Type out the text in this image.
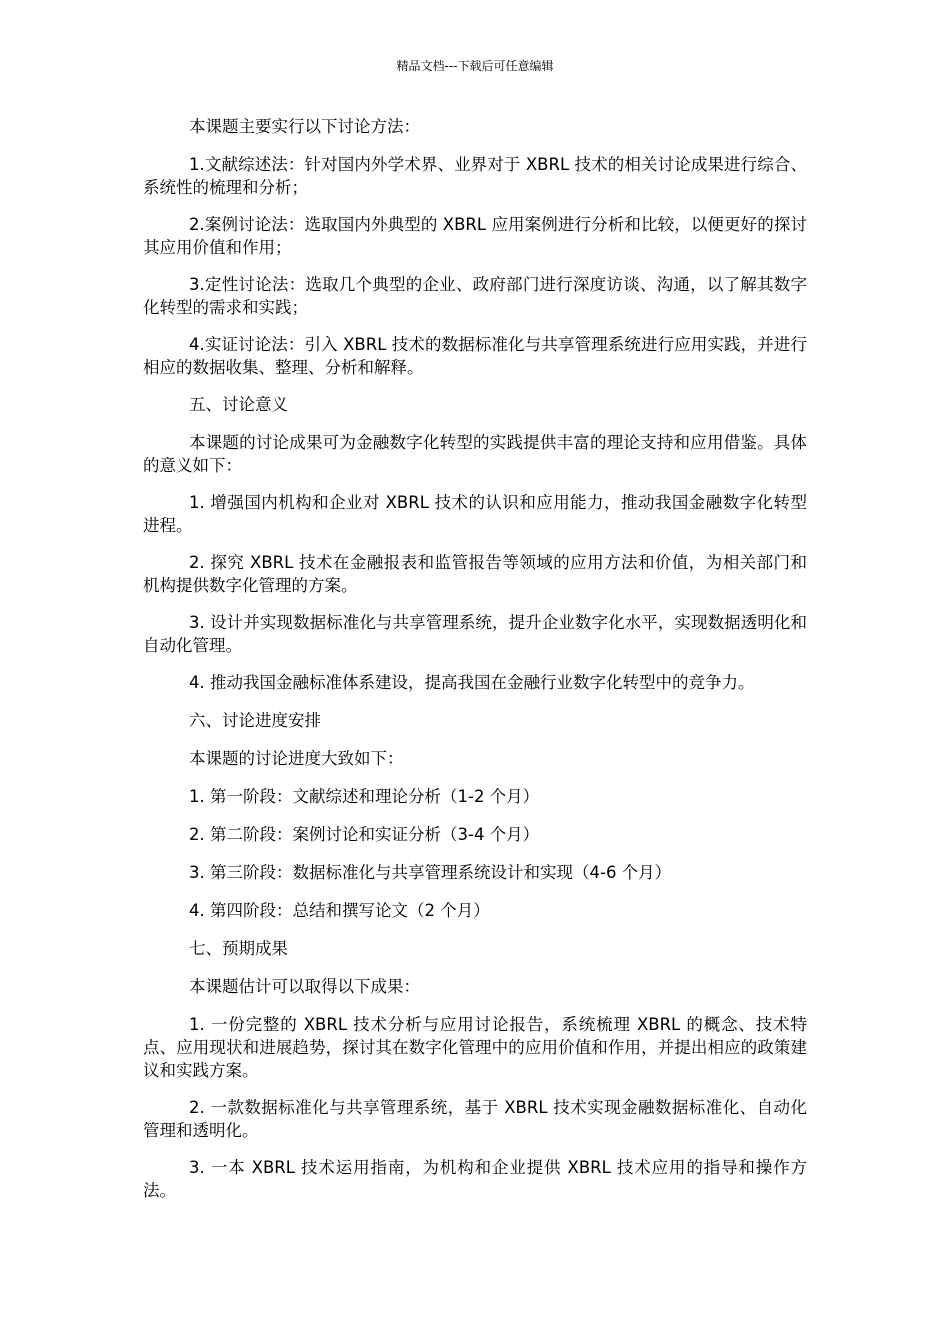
精品文档---下载后可任意编辑

本课题主要实行以下讨论方法：

1.文献综述法：针对国内外学术界、业界对于 XBRL 技术的相关讨论成果进行综合、系统性的梳理和分析；

2.案例讨论法：选取国内外典型的 XBRL 应用案例进行分析和比较，以便更好的探讨其应用价值和作用；

3.定性讨论法：选取几个典型的企业、政府部门进行深度访谈、沟通，以了解其数字化转型的需求和实践；

4.实证讨论法：引入 XBRL 技术的数据标准化与共享管理系统进行应用实践，并进行相应的数据收集、整理、分析和解释。

五、讨论意义

本课题的讨论成果可为金融数字化转型的实践提供丰富的理论支持和应用借鉴。具体的意义如下：

1. 增强国内机构和企业对 XBRL 技术的认识和应用能力，推动我国金融数字化转型进程。

2. 探究 XBRL 技术在金融报表和监管报告等领域的应用方法和价值，为相关部门和机构提供数字化管理的方案。

3. 设计并实现数据标准化与共享管理系统，提升企业数字化水平，实现数据透明化和自动化管理。

4. 推动我国金融标准体系建设，提高我国在金融行业数字化转型中的竞争力。

六、讨论进度安排

本课题的讨论进度大致如下：

1. 第一阶段：文献综述和理论分析（1-2 个月）

2. 第二阶段：案例讨论和实证分析（3-4 个月）

3. 第三阶段：数据标准化与共享管理系统设计和实现（4-6 个月）

4. 第四阶段：总结和撰写论文（2 个月）

七、预期成果

本课题估计可以取得以下成果：

1. 一份完整的 XBRL 技术分析与应用讨论报告，系统梳理 XBRL 的概念、技术特点、应用现状和进展趋势，探讨其在数字化管理中的应用价值和作用，并提出相应的政策建议和实践方案。

2. 一款数据标准化与共享管理系统，基于 XBRL 技术实现金融数据标准化、自动化管理和透明化。

3. 一本 XBRL 技术运用指南，为机构和企业提供 XBRL 技术应用的指导和操作方法。
